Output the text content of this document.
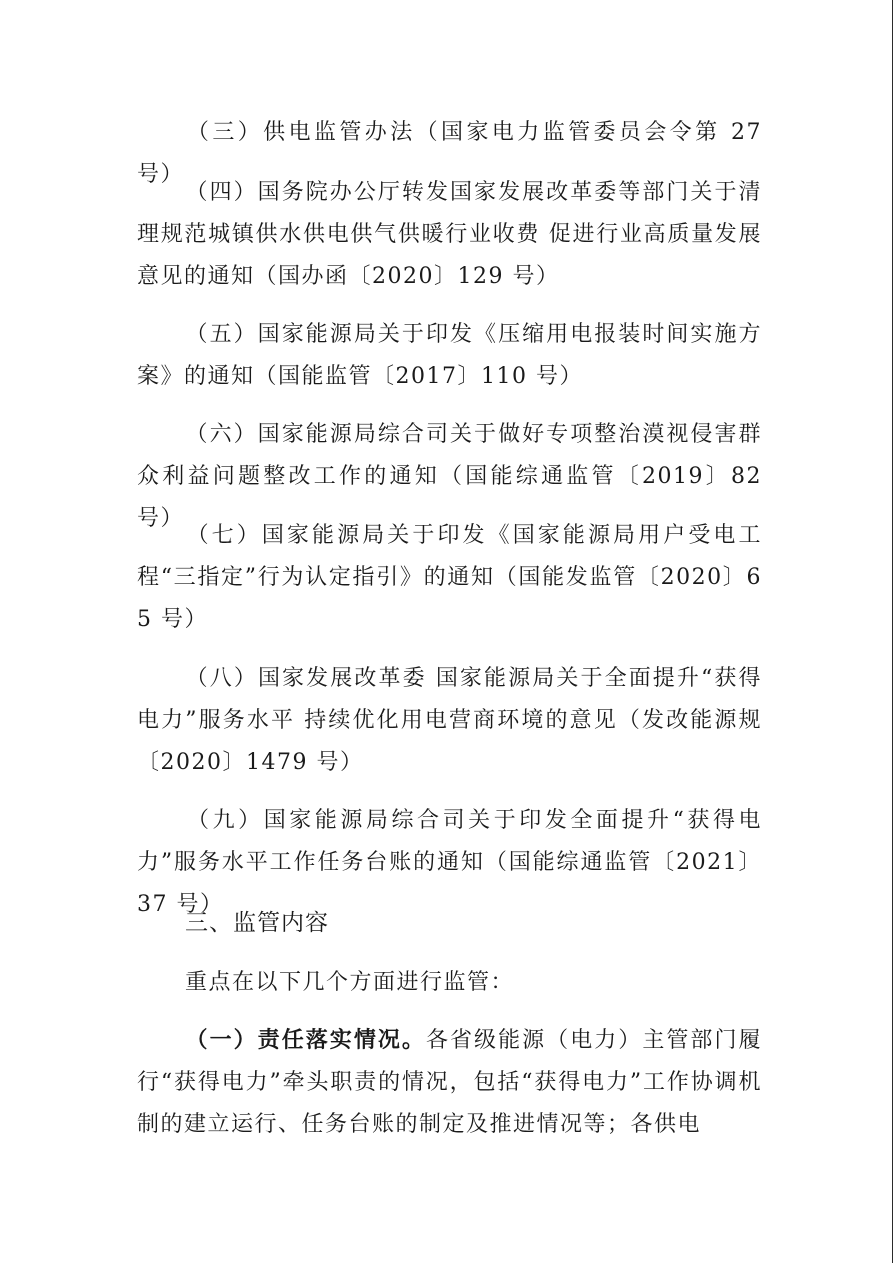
（三）供电监管办法（国家电力监管委员会令第 27 号）

（四）国务院办公厅转发国家发展改革委等部门关于清理规范城镇供水供电供气供暖行业收费 促进行业高质量发展意见的通知（国办函〔2020〕129 号）

（五）国家能源局关于印发《压缩用电报装时间实施方案》的通知（国能监管〔2017〕110 号）

（六）国家能源局综合司关于做好专项整治漠视侵害群众利益问题整改工作的通知（国能综通监管〔2019〕82 号）

（七）国家能源局关于印发《国家能源局用户受电工程“三指定”行为认定指引》的通知（国能发监管〔2020〕65 号）

（八）国家发展改革委 国家能源局关于全面提升“获得电力”服务水平 持续优化用电营商环境的意见（发改能源规〔2020〕1479 号）

（九）国家能源局综合司关于印发全面提升“获得电力”服务水平工作任务台账的通知（国能综通监管〔2021〕37 号）

三、监管内容

重点在以下几个方面进行监管：

（一）责任落实情况。各省级能源（电力）主管部门履行“获得电力”牵头职责的情况，包括“获得电力”工作协调机制的建立运行、任务台账的制定及推进情况等；各供电
